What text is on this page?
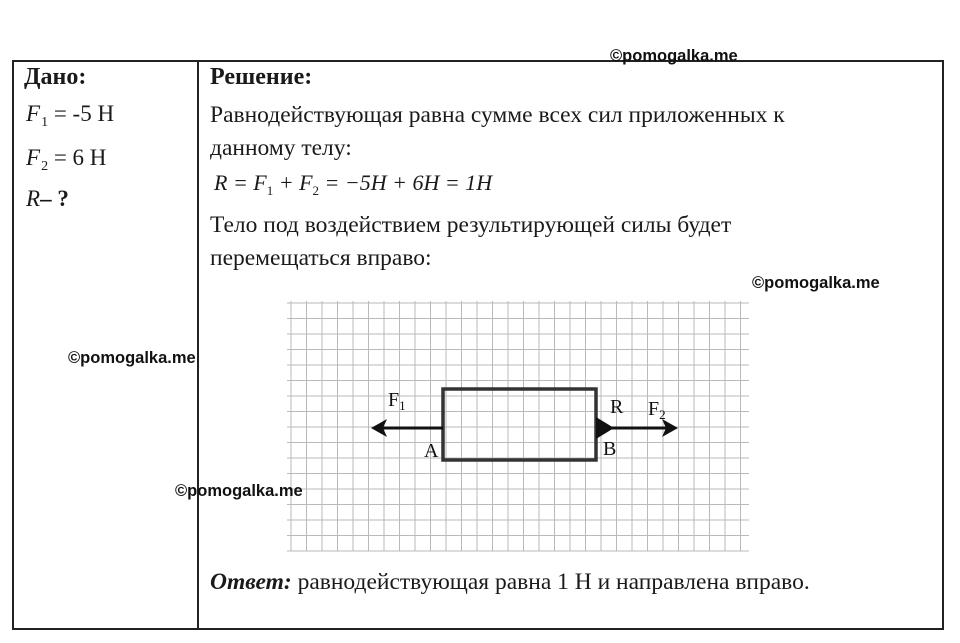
Дано:
$F_1 = -5$ Н
$F_2 = 6$ Н
R– ?
Решение:
Равнодействующая равна сумме всех сил приложенных к
данному телу:
$R = F_1 + F_2 = -5H + 6H = 1H$
Тело под воздействием результирующей силы будет
перемещаться вправо:
$F_1$	R $F_2$
A	B
Ответ: равнодействующая равна 1 Н и направлена вправо.
©pomogalka.me
©pomogalka.me
©pomogalka.me
©pomogalka.me
